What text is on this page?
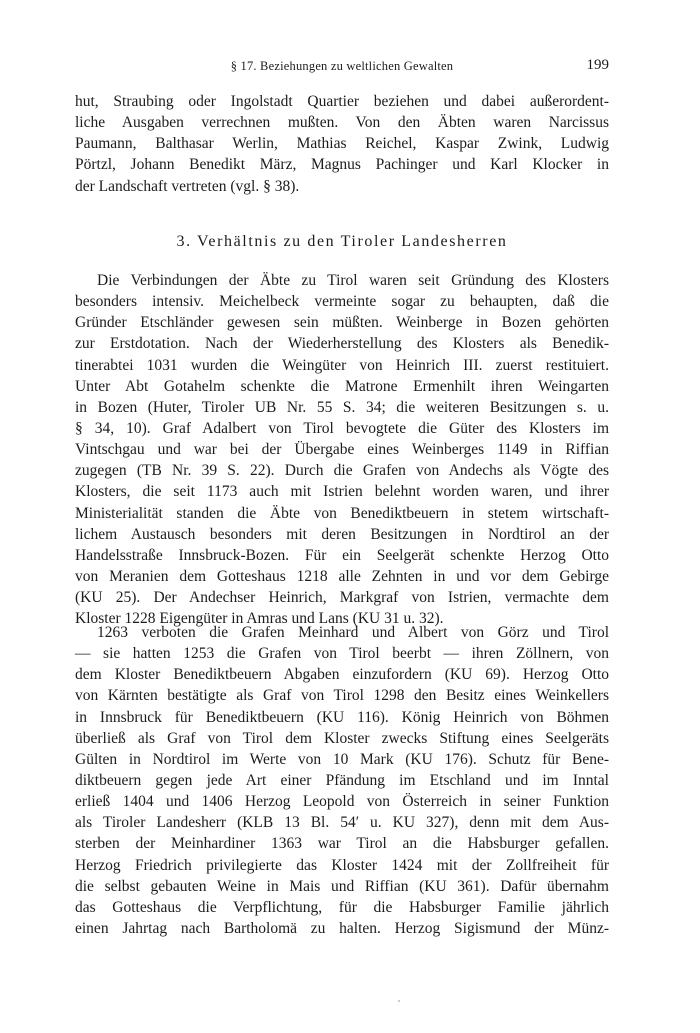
§ 17. Beziehungen zu weltlichen Gewalten	199
hut, Straubing oder Ingolstadt Quartier beziehen und dabei außerordent-
liche Ausgaben verrechnen mußten. Von den Äbten waren Narcissus
Paumann, Balthasar Werlin, Mathias Reichel, Kaspar Zwink, Ludwig
Pörtzl, Johann Benedikt März, Magnus Pachinger und Karl Klocker in
der Landschaft vertreten (vgl. § 38).
3. Verhältnis zu den Tiroler Landesherren
Die Verbindungen der Äbte zu Tirol waren seit Gründung des Klosters
besonders intensiv. Meichelbeck vermeinte sogar zu behaupten, daß die
Gründer Etschländer gewesen sein müßten. Weinberge in Bozen gehörten
zur Erstdotation. Nach der Wiederherstellung des Klosters als Benedik-
tinerabtei 1031 wurden die Weingüter von Heinrich III. zuerst restituiert.
Unter Abt Gotahelm schenkte die Matrone Ermenhilt ihren Weingarten
in Bozen (Huter, Tiroler UB Nr. 55 S. 34; die weiteren Besitzungen s. u.
§ 34, 10). Graf Adalbert von Tirol bevogtete die Güter des Klosters im
Vintschgau und war bei der Übergabe eines Weinberges 1149 in Riffian
zugegen (TB Nr. 39 S. 22). Durch die Grafen von Andechs als Vögte des
Klosters, die seit 1173 auch mit Istrien belehnt worden waren, und ihrer
Ministerialität standen die Äbte von Benediktbeuern in stetem wirtschaft-
lichem Austausch besonders mit deren Besitzungen in Nordtirol an der
Handelsstraße Innsbruck-Bozen. Für ein Seelgerät schenkte Herzog Otto
von Meranien dem Gotteshaus 1218 alle Zehnten in und vor dem Gebirge
(KU 25). Der Andechser Heinrich, Markgraf von Istrien, vermachte dem
Kloster 1228 Eigengüter in Amras und Lans (KU 31 u. 32).
1263 verboten die Grafen Meinhard und Albert von Görz und Tirol
— sie hatten 1253 die Grafen von Tirol beerbt — ihren Zöllnern, von
dem Kloster Benediktbeuern Abgaben einzufordern (KU 69). Herzog Otto
von Kärnten bestätigte als Graf von Tirol 1298 den Besitz eines Weinkellers
in Innsbruck für Benediktbeuern (KU 116). König Heinrich von Böhmen
überließ als Graf von Tirol dem Kloster zwecks Stiftung eines Seelgeräts
Gülten in Nordtirol im Werte von 10 Mark (KU 176). Schutz für Bene-
diktbeuern gegen jede Art einer Pfändung im Etschland und im Inntal
erließ 1404 und 1406 Herzog Leopold von Österreich in seiner Funktion
als Tiroler Landesherr (KLB 13 Bl. 54′ u. KU 327), denn mit dem Aus-
sterben der Meinhardiner 1363 war Tirol an die Habsburger gefallen.
Herzog Friedrich privilegierte das Kloster 1424 mit der Zollfreiheit für
die selbst gebauten Weine in Mais und Riffian (KU 361). Dafür übernahm
das Gotteshaus die Verpflichtung, für die Habsburger Familie jährlich
einen Jahrtag nach Bartholomä zu halten. Herzog Sigismund der Münz-
